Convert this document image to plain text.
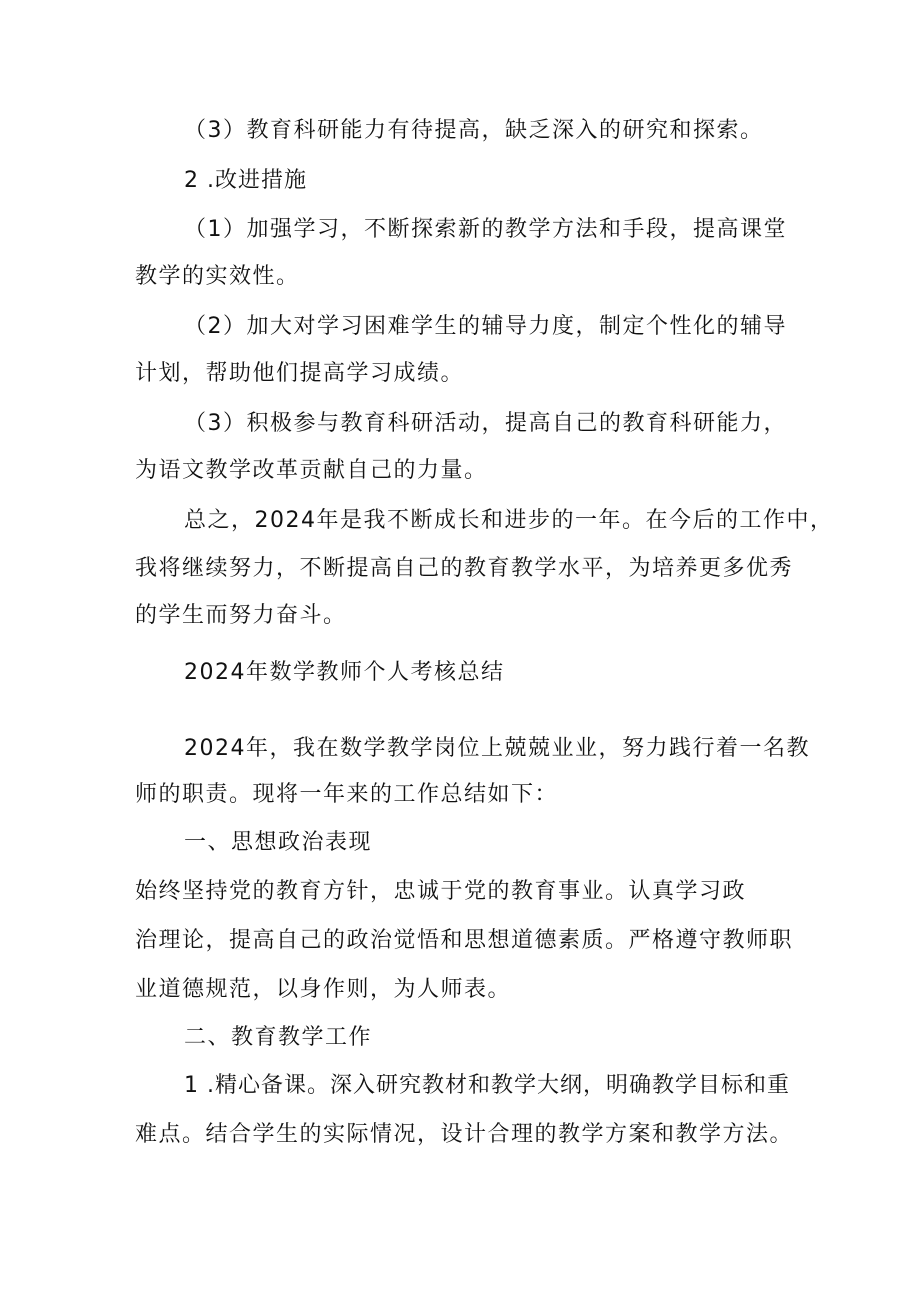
（3）教育科研能力有待提高，缺乏深入的研究和探索。
2 .改进措施
（1）加强学习，不断探索新的教学方法和手段，提高课堂
教学的实效性。
（2）加大对学习困难学生的辅导力度，制定个性化的辅导
计划，帮助他们提高学习成绩。
（3）积极参与教育科研活动，提高自己的教育科研能力，
为语文教学改革贡献自己的力量。
总之，2024年是我不断成长和进步的一年。在今后的工作中，
我将继续努力，不断提高自己的教育教学水平，为培养更多优秀
的学生而努力奋斗。
2024年数学教师个人考核总结
2024年，我在数学教学岗位上兢兢业业，努力践行着一名教
师的职责。现将一年来的工作总结如下：
一、思想政治表现
始终坚持党的教育方针，忠诚于党的教育事业。认真学习政
治理论，提高自己的政治觉悟和思想道德素质。严格遵守教师职
业道德规范，以身作则，为人师表。
二、教育教学工作
1 .精心备课。深入研究教材和教学大纲，明确教学目标和重
难点。结合学生的实际情况，设计合理的教学方案和教学方法。
